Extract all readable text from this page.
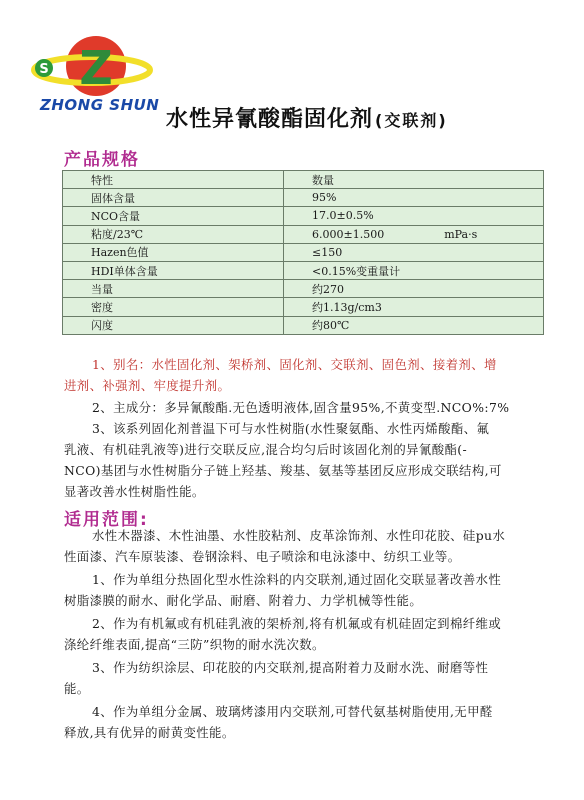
Z
S
ZHONG SHUN
水性异氰酸酯固化剂 (交联剂)
产品规格
特性	数量
固体含量	95%
NCO含量	17.0±0.5%
粘度/23℃	6.000±1.500 mPa·s
Hazen色值	≤150
HDI单体含量	<0.15%变重量计
当量	约270
密度	约1.13g/cm3
闪度	约80℃
1、别名：水性固化剂、架桥剂、固化剂、交联剂、固色剂、接着剂、增
进剂、补强剂、牢度提升剂。
2、主成分：多异氰酸酯.无色透明液体,固含量95%,不黄变型.NCO%:7%
3、该系列固化剂普温下可与水性树脂(水性聚氨酯、水性丙烯酸酯、氟
乳液、有机硅乳液等)进行交联反应,混合均匀后时该固化剂的异氰酸酯(-
NCO)基团与水性树脂分子链上羟基、羧基、氨基等基团反应形成交联结构,可
显著改善水性树脂性能。
适用范围:
水性木器漆、木性油墨、水性胶粘剂、皮革涂饰剂、水性印花胶、硅pu水
性面漆、汽车原装漆、卷钢涂料、电子喷涂和电泳漆中、纺织工业等。
1、作为单组分热固化型水性涂料的内交联剂,通过固化交联显著改善水性
树脂漆膜的耐水、耐化学品、耐磨、附着力、力学机械等性能。
2、作为有机氟或有机硅乳液的架桥剂,将有机氟或有机硅固定到棉纤维或
涤纶纤维表面,提高“三防”织物的耐水洗次数。
3、作为纺织涂层、印花胶的内交联剂,提高附着力及耐水洗、耐磨等性
能。
4、作为单组分金属、玻璃烤漆用内交联剂,可替代氨基树脂使用,无甲醛
释放,具有优异的耐黄变性能。
